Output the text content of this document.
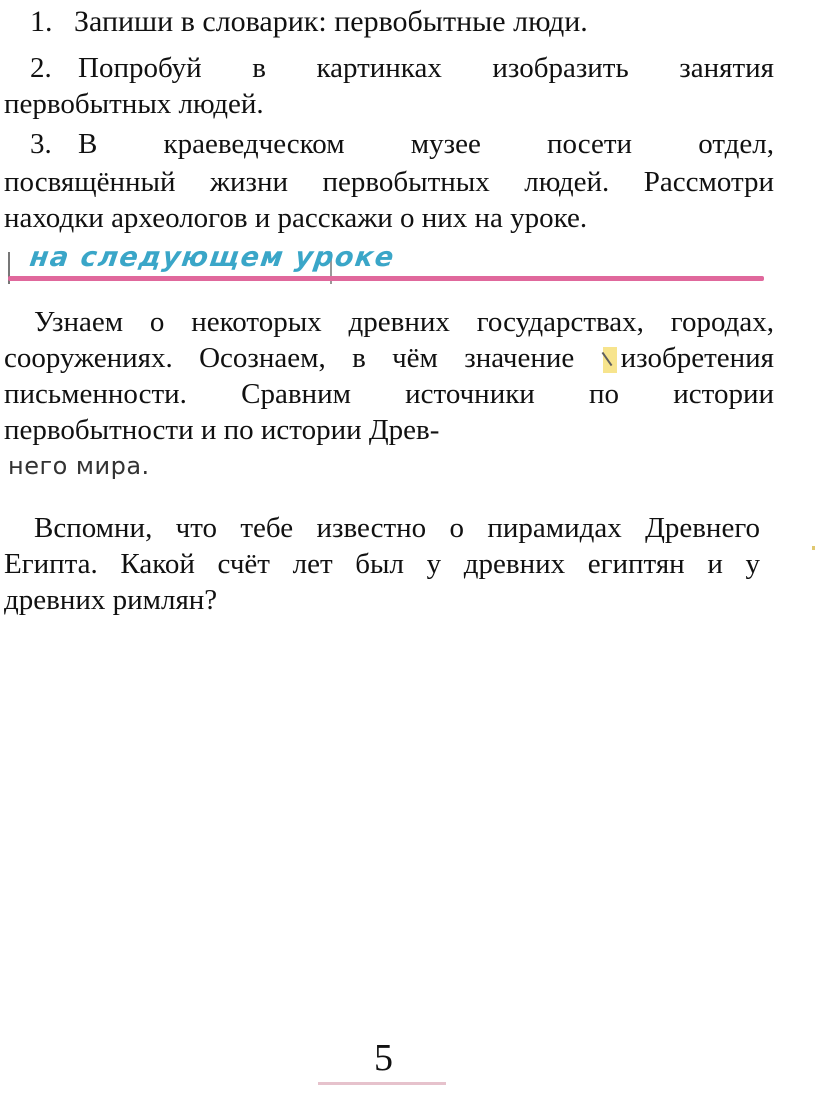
1. Запиши в словарик: первобытные люди.
2. Попробуй в картинках изобразить занятия
первобытных людей.
3. В краеведческом музее посети отдел,
посвящённый жизни первобытных людей. Рассмотри
находки археологов и расскажи о них на уроке.
на следующем уроке
Узнаем о некоторых древних государствах, городах,
сооружениях. Осознаем, в чём значение изобретения
письменности. Сравним источники по истории
первобытности и по истории Древ-
него мира.
Вспомни, что тебе известно о пирамидах Древнего
Египта. Какой счёт лет был у древних египтян и у
древних римлян?
5
